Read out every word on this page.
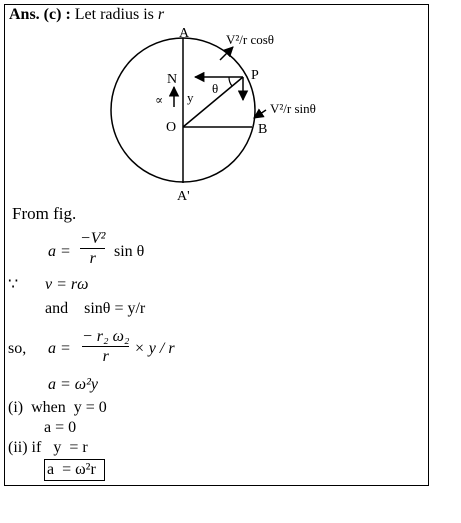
Ans. (c) : Let radius is r
A
A'
N	P
O	B
θ
y
∝
V²/r cosθ
V²/r sinθ
From fig.
a =
−V²
r sin θ
∵ v = rω
and    sinθ = y/r
so, a =
− r₂ ω₂
r × y / r
a = ω²y
(i)  when  y = 0
a = 0
(ii) if   y  = r
a  = ω²r
